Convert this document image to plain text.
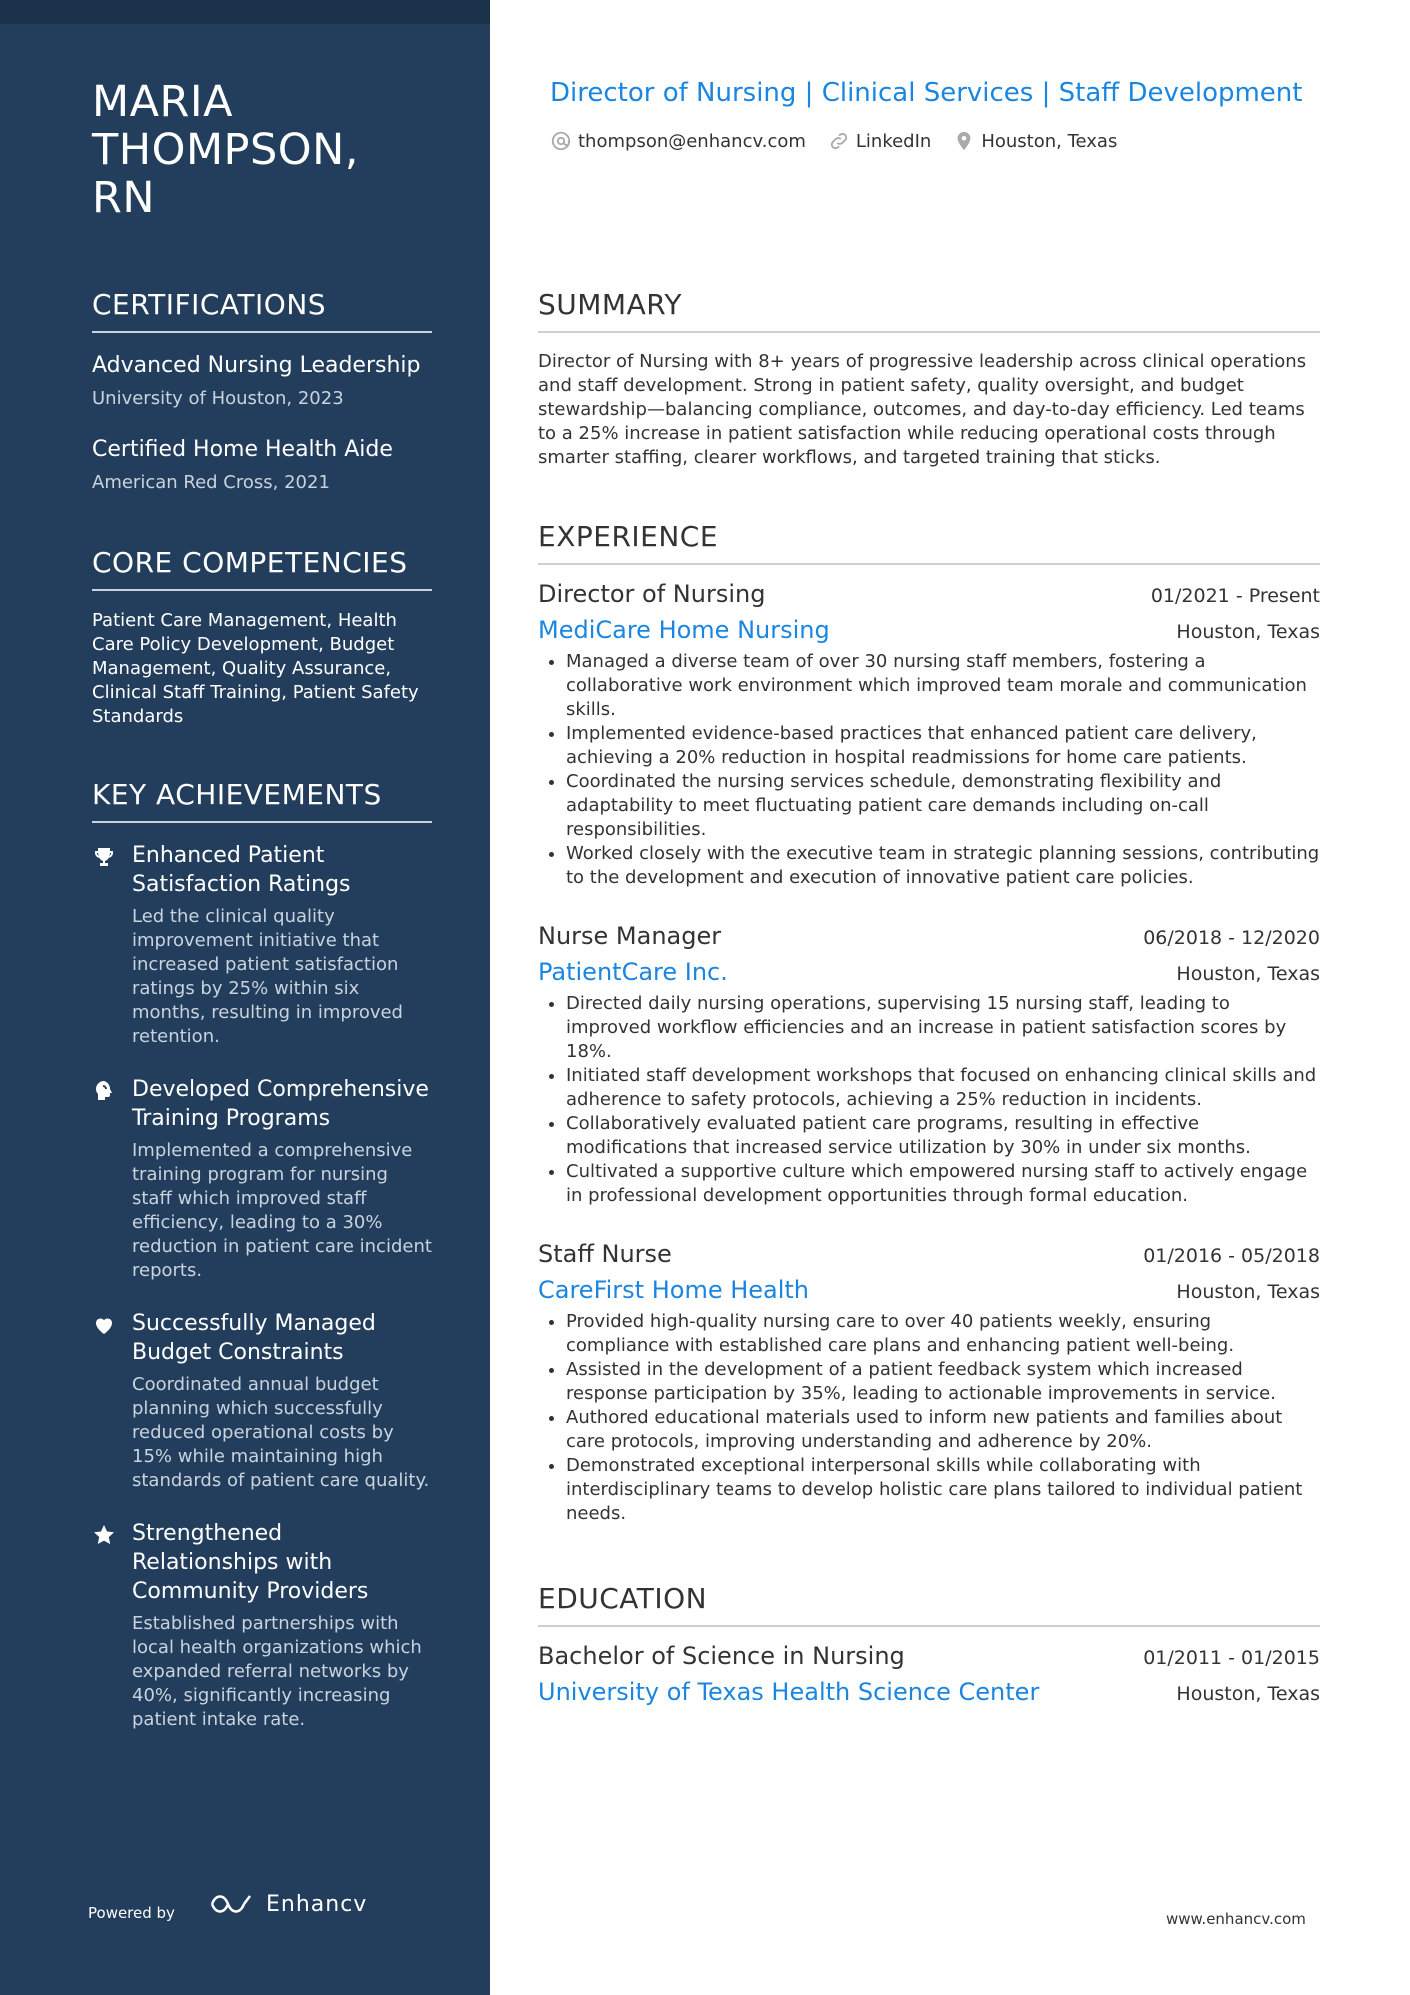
MARIA THOMPSON, RN
CERTIFICATIONS
Advanced Nursing Leadership
University of Houston, 2023
Certified Home Health Aide
American Red Cross, 2021
CORE COMPETENCIES
Patient Care Management, Health Care Policy Development, Budget Management, Quality Assurance, Clinical Staff Training, Patient Safety Standards
KEY ACHIEVEMENTS
Enhanced Patient Satisfaction Ratings
Led the clinical quality improvement initiative that increased patient satisfaction ratings by 25% within six months, resulting in improved retention.
Developed Comprehensive Training Programs
Implemented a comprehensive training program for nursing staff which improved staff efficiency, leading to a 30% reduction in patient care incident reports.
Successfully Managed Budget Constraints
Coordinated annual budget planning which successfully reduced operational costs by 15% while maintaining high standards of patient care quality.
Strengthened Relationships with Community Providers
Established partnerships with local health organizations which expanded referral networks by 40%, significantly increasing patient intake rate.
Powered by	Enhancv
Director of Nursing | Clinical Services | Staff Development
thompson@enhancv.com	LinkedIn	Houston, Texas
SUMMARY
Director of Nursing with 8+ years of progressive leadership across clinical operations and staff development. Strong in patient safety, quality oversight, and budget stewardship—balancing compliance, outcomes, and day-to-day efficiency. Led teams to a 25% increase in patient satisfaction while reducing operational costs through smarter staffing, clearer workflows, and targeted training that sticks.
EXPERIENCE
Director of Nursing	01/2021 - Present
MediCare Home Nursing	Houston, Texas
• Managed a diverse team of over 30 nursing staff members, fostering a collaborative work environment which improved team morale and communication skills.
• Implemented evidence-based practices that enhanced patient care delivery, achieving a 20% reduction in hospital readmissions for home care patients.
• Coordinated the nursing services schedule, demonstrating flexibility and adaptability to meet fluctuating patient care demands including on-call responsibilities.
• Worked closely with the executive team in strategic planning sessions, contributing to the development and execution of innovative patient care policies.
Nurse Manager	06/2018 - 12/2020
PatientCare Inc.	Houston, Texas
• Directed daily nursing operations, supervising 15 nursing staff, leading to improved workflow efficiencies and an increase in patient satisfaction scores by 18%.
• Initiated staff development workshops that focused on enhancing clinical skills and adherence to safety protocols, achieving a 25% reduction in incidents.
• Collaboratively evaluated patient care programs, resulting in effective modifications that increased service utilization by 30% in under six months.
• Cultivated a supportive culture which empowered nursing staff to actively engage in professional development opportunities through formal education.
Staff Nurse	01/2016 - 05/2018
CareFirst Home Health	Houston, Texas
• Provided high-quality nursing care to over 40 patients weekly, ensuring compliance with established care plans and enhancing patient well-being.
• Assisted in the development of a patient feedback system which increased response participation by 35%, leading to actionable improvements in service.
• Authored educational materials used to inform new patients and families about care protocols, improving understanding and adherence by 20%.
• Demonstrated exceptional interpersonal skills while collaborating with interdisciplinary teams to develop holistic care plans tailored to individual patient needs.
EDUCATION
Bachelor of Science in Nursing	01/2011 - 01/2015
University of Texas Health Science Center	Houston, Texas
www.enhancv.com
